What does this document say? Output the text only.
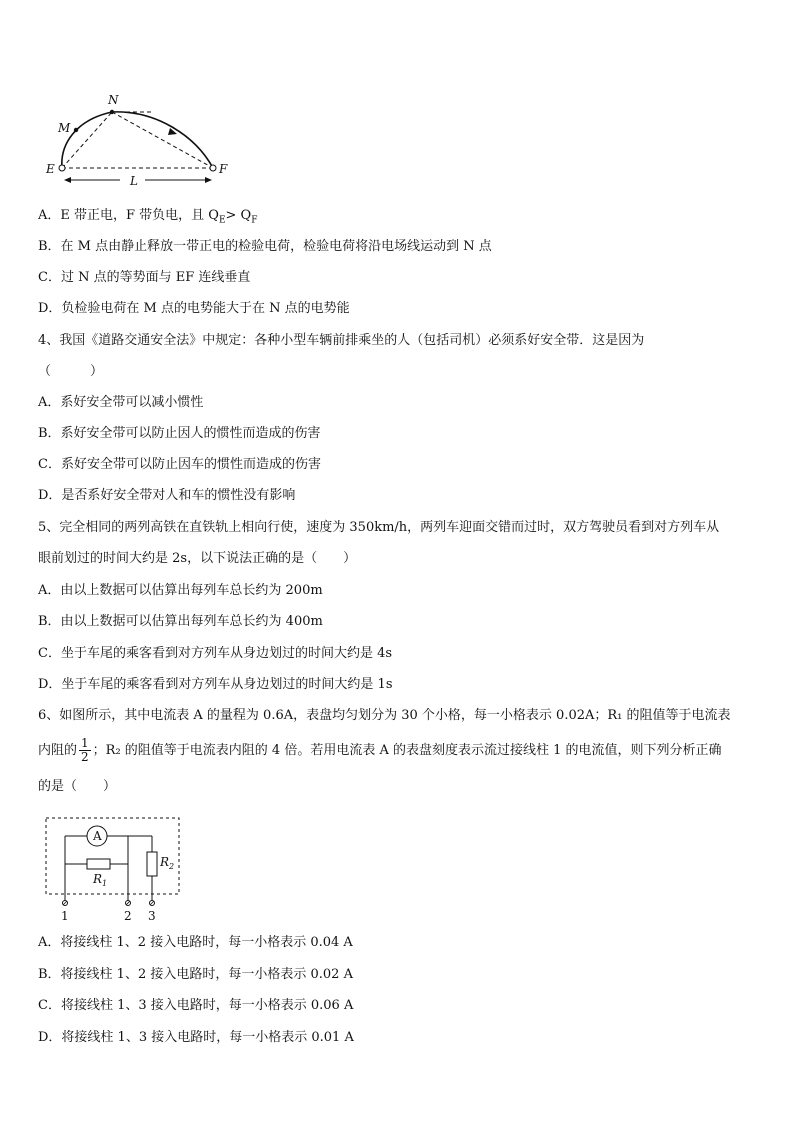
N
M
E	F
L
A．E 带正电，F 带负电，且 $Q_E> Q_F$
B．在 M 点由静止释放一带正电的检验电荷，检验电荷将沿电场线运动到 N 点
C．过 N 点的等势面与 EF 连线垂直
D．负检验电荷在 M 点的电势能大于在 N 点的电势能
4、我国《道路交通安全法》中规定：各种小型车辆前排乘坐的人（包括司机）必须系好安全带．这是因为
（　　　）
A．系好安全带可以减小惯性
B．系好安全带可以防止因人的惯性而造成的伤害
C．系好安全带可以防止因车的惯性而造成的伤害
D．是否系好安全带对人和车的惯性没有影响
5、完全相同的两列高铁在直铁轨上相向行使，速度为 350km/h，两列车迎面交错而过时，双方驾驶员看到对方列车从
眼前划过的时间大约是 2s，以下说法正确的是（　　）
A．由以上数据可以估算出每列车总长约为 200m
B．由以上数据可以估算出每列车总长约为 400m
C．坐于车尾的乘客看到对方列车从身边划过的时间大约是 4s
D．坐于车尾的乘客看到对方列车从身边划过的时间大约是 1s
6、如图所示，其中电流表 A 的量程为 0.6A，表盘均匀划分为 30 个小格，每一小格表示 0.02A；R₁ 的阻值等于电流表
内阻的 $\frac{1}{2}$ ；R₂ 的阻值等于电流表内阻的 4 倍。若用电流表 A 的表盘刻度表示流过接线柱 1 的电流值，则下列分析正确
的是（　　）
A
$R_1$
$R_2$
1	2 3
A．将接线柱 1、2 接入电路时，每一小格表示 0.04 A
B．将接线柱 1、2 接入电路时，每一小格表示 0.02 A
C．将接线柱 1、3 接入电路时，每一小格表示 0.06 A
D．将接线柱 1、3 接入电路时，每一小格表示 0.01 A
